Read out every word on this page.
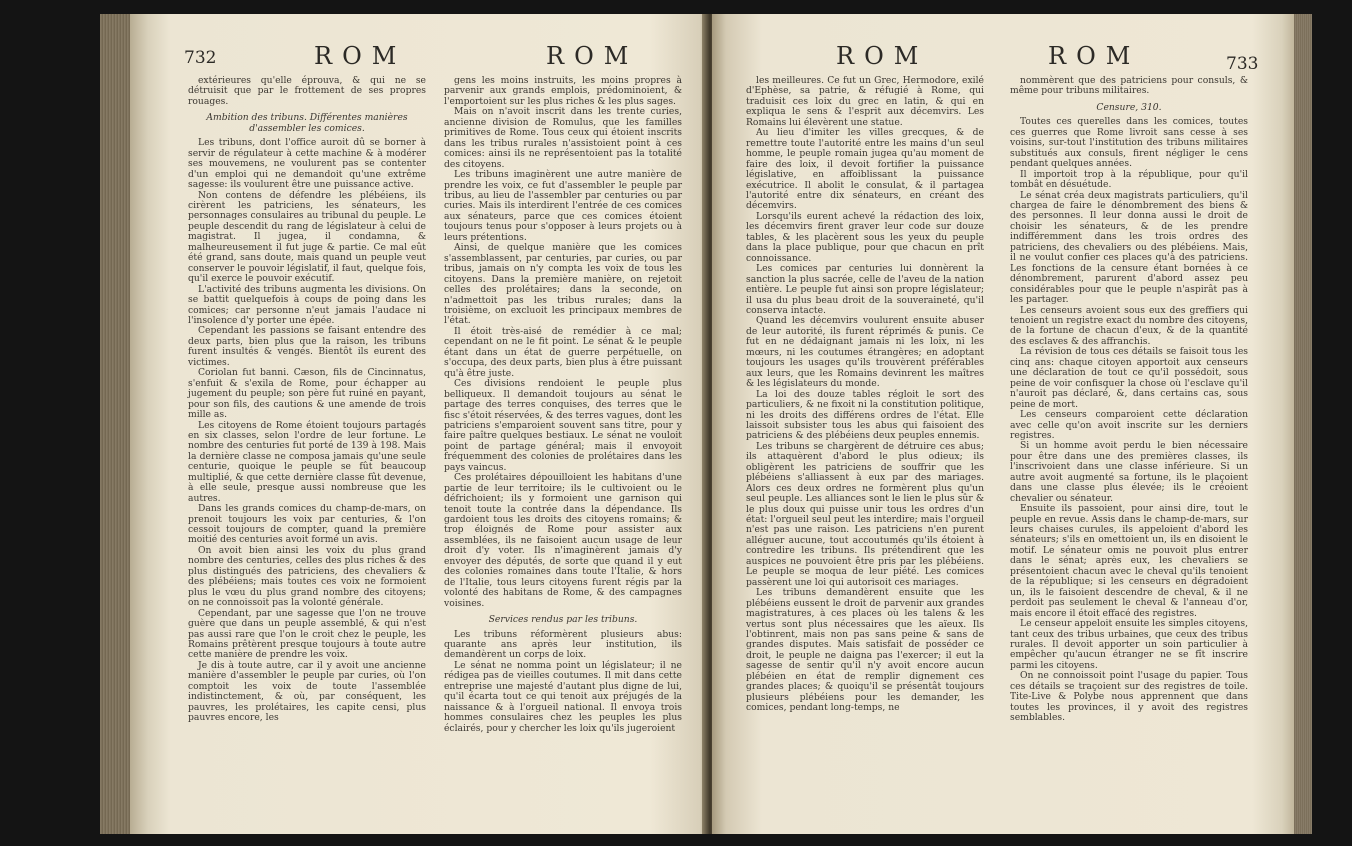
732	ROM	ROM

extérieures qu'elle éprouva, & qui ne se détruisit que par le frottement de ses propres rouages.

Ambition des tribuns. Différentes manières d'assembler les comices.

Les tribuns, dont l'office auroit dû se borner à servir de régulateur à cette machine & à modérer ses mouvemens, ne voulurent pas se contenter d'un emploi qui ne demandoit qu'une extrême sagesse: ils voulurent être une puissance active.

Non contens de défendre les plébéiens, ils cirèrent les patriciens, les sénateurs, les personnages consulaires au tribunal du peuple. Le peuple descendit du rang de législateur à celui de magistrat. Il jugea, il condamna, & malheureusement il fut juge & partie. Ce mal eût été grand, sans doute, mais quand un peuple veut conserver le pouvoir législatif, il faut, quelque fois, qu'il exerce le pouvoir exécutif.

L'activité des tribuns augmenta les divisions. On se battit quelquefois à coups de poing dans les comices; car personne n'eut jamais l'audace ni l'insolence d'y porter une épée.

Cependant les passions se faisant entendre des deux parts, bien plus que la raison, les tribuns furent insultés & vengés. Bientôt ils eurent des victimes.

Coriolan fut banni. Cæson, fils de Cincinnatus, s'enfuit & s'exila de Rome, pour échapper au jugement du peuple; son père fut ruiné en payant, pour son fils, des cautions & une amende de trois mille as.

Les citoyens de Rome étoient toujours partagés en six classes, selon l'ordre de leur fortune. Le nombre des centuries fut porté de 139 à 198. Mais la dernière classe ne composa jamais qu'une seule centurie, quoique le peuple se fût beaucoup multiplié, & que cette dernière classe fût devenue, à elle seule, presque aussi nombreuse que les autres.

Dans les grands comices du champ-de-mars, on prenoit toujours les voix par centuries, & l'on cessoit toujours de compter, quand la première moitié des centuries avoit formé un avis.

On avoit bien ainsi les voix du plus grand nombre des centuries, celles des plus riches & des plus distingués des patriciens, des chevaliers & des plébéiens; mais toutes ces voix ne formoient plus le vœu du plus grand nombre des citoyens; on ne connoissoit pas la volonté générale.

Cependant, par une sagesse que l'on ne trouve guère que dans un peuple assemblé, & qui n'est pas aussi rare que l'on le croit chez le peuple, les Romains prêtèrent presque toujours à toute autre cette manière de prendre les voix.

Je dis à toute autre, car il y avoit une ancienne manière d'assembler le peuple par curies, où l'on comptoit les voix de toute l'assemblée indistinctement, & où, par conséquent, les pauvres, les prolétaires, les capite censi, plus pauvres encore, les

gens les moins instruits, les moins propres à parvenir aux grands emplois, prédominoient, & l'emportoient sur les plus riches & les plus sages.

Mais on n'avoit inscrit dans les trente curies, ancienne division de Romulus, que les familles primitives de Rome. Tous ceux qui étoient inscrits dans les tribus rurales n'assistoient point à ces comices: ainsi ils ne représentoient pas la totalité des citoyens.

Les tribuns imaginèrent une autre manière de prendre les voix, ce fut d'assembler le peuple par tribus, au lieu de l'assembler par centuries ou par curies. Mais ils interdirent l'entrée de ces comices aux sénateurs, parce que ces comices étoient toujours tenus pour s'opposer à leurs projets ou à leurs prétentions.

Ainsi, de quelque manière que les comices s'assemblassent, par centuries, par curies, ou par tribus, jamais on n'y compta les voix de tous les citoyens. Dans la première manière, on rejetoit celles des prolétaires; dans la seconde, on n'admettoit pas les tribus rurales; dans la troisième, on excluoit les principaux membres de l'état.

Il étoit très-aisé de remédier à ce mal; cependant on ne le fit point. Le sénat & le peuple étant dans un état de guerre perpétuelle, on s'occupa, des deux parts, bien plus à être puissant qu'à être juste.

Ces divisions rendoient le peuple plus belliqueux. Il demandoit toujours au sénat le partage des terres conquises, des terres que le fisc s'étoit réservées, & des terres vagues, dont les patriciens s'emparoient souvent sans titre, pour y faire paître quelques bestiaux. Le sénat ne vouloit point de partage général; mais il envoyoit fréquemment des colonies de prolétaires dans les pays vaincus.

Ces prolétaires dépouilloient les habitans d'une partie de leur territoire; ils le cultivoient ou le défrichoient; ils y formoient une garnison qui tenoit toute la contrée dans la dépendance. Ils gardoient tous les droits des citoyens romains; & trop éloignés de Rome pour assister aux assemblées, ils ne faisoient aucun usage de leur droit d'y voter. Ils n'imaginèrent jamais d'y envoyer des députés, de sorte que quand il y eut des colonies romaines dans toute l'Italie, & hors de l'Italie, tous leurs citoyens furent régis par la volonté des habitans de Rome, & des campagnes voisines.

Services rendus par les tribuns.

Les tribuns réformèrent plusieurs abus: quarante ans après leur institution, ils demandèrent un corps de loix.

Le sénat ne nomma point un législateur; il ne rédigea pas de vieilles coutumes. Il mit dans cette entreprise une majesté d'autant plus digne de lui, qu'il écarta tout ce qui tenoit aux préjugés de la naissance & à l'orgueil national. Il envoya trois hommes consulaires chez les peuples les plus éclairés, pour y chercher les loix qu'ils jugeroient

ROM	ROM	733

les meilleures. Ce fut un Grec, Hermodore, exilé d'Ephèse, sa patrie, & réfugié à Rome, qui traduisit ces loix du grec en latin, & qui en expliqua le sens & l'esprit aux décemvirs. Les Romains lui élevèrent une statue.

Au lieu d'imiter les villes grecques, & de remettre toute l'autorité entre les mains d'un seul homme, le peuple romain jugea qu'au moment de faire des loix, il devoit fortifier la puissance législative, en affoiblissant la puissance exécutrice. Il abolit le consulat, & il partagea l'autorité entre dix sénateurs, en créant des décemvirs.

Lorsqu'ils eurent achevé la rédaction des loix, les décemvirs firent graver leur code sur douze tables, & les placèrent sous les yeux du peuple dans la place publique, pour que chacun en prît connoissance.

Les comices par centuries lui donnèrent la sanction la plus sacrée, celle de l'aveu de la nation entière. Le peuple fut ainsi son propre législateur; il usa du plus beau droit de la souveraineté, qu'il conserva intacte.

Quand les décemvirs voulurent ensuite abuser de leur autorité, ils furent réprimés & punis. Ce fut en ne dédaignant jamais ni les loix, ni les mœurs, ni les coutumes étrangères; en adoptant toujours les usages qu'ils trouvèrent préférables aux leurs, que les Romains devinrent les maîtres & les législateurs du monde.

La loi des douze tables régloit le sort des particuliers, & ne fixoit ni la constitution politique, ni les droits des différens ordres de l'état. Elle laissoit subsister tous les abus qui faisoient des patriciens & des plébéiens deux peuples ennemis.

Les tribuns se chargèrent de détruire ces abus; ils attaquèrent d'abord le plus odieux; ils obligèrent les patriciens de souffrir que les plébéiens s'alliassent à eux par des mariages. Alors ces deux ordres ne formèrent plus qu'un seul peuple. Les alliances sont le lien le plus sûr & le plus doux qui puisse unir tous les ordres d'un état: l'orgueil seul peut les interdire; mais l'orgueil n'est pas une raison. Les patriciens n'en purent alléguer aucune, tout accoutumés qu'ils étoient à contredire les tribuns. Ils prétendirent que les auspices ne pouvoient être pris par les plébéiens. Le peuple se moqua de leur piété. Les comices passèrent une loi qui autorisoit ces mariages.

Les tribuns demandèrent ensuite que les plébéiens eussent le droit de parvenir aux grandes magistratures, à ces places où les talens & les vertus sont plus nécessaires que les aïeux. Ils l'obtinrent, mais non pas sans peine & sans de grandes disputes. Mais satisfait de posséder ce droit, le peuple ne daigna pas l'exercer; il eut la sagesse de sentir qu'il n'y avoit encore aucun plébéien en état de remplir dignement ces grandes places; & quoiqu'il se présentât toujours plusieurs plébéiens pour les demander, les comices, pendant long-temps, ne

nommèrent que des patriciens pour consuls, & même pour tribuns militaires.

Censure, 310.

Toutes ces querelles dans les comices, toutes ces guerres que Rome livroit sans cesse à ses voisins, sur-tout l'institution des tribuns militaires substitués aux consuls, firent négliger le cens pendant quelques années.

Il importoit trop à la république, pour qu'il tombât en désuétude.

Le sénat créa deux magistrats particuliers, qu'il chargea de faire le dénombrement des biens & des personnes. Il leur donna aussi le droit de choisir les sénateurs, & de les prendre indifféremment dans les trois ordres des patriciens, des chevaliers ou des plébéiens. Mais, il ne voulut confier ces places qu'à des patriciens. Les fonctions de la censure étant bornées à ce dénombrement, parurent d'abord assez peu considérables pour que le peuple n'aspirât pas à les partager.

Les censeurs avoient sous eux des greffiers qui tenoient un registre exact du nombre des citoyens, de la fortune de chacun d'eux, & de la quantité des esclaves & des affranchis.

La révision de tous ces détails se faisoit tous les cinq ans: chaque citoyen apportoit aux censeurs une déclaration de tout ce qu'il possédoit, sous peine de voir confisquer la chose où l'esclave qu'il n'auroit pas déclaré, &, dans certains cas, sous peine de mort.

Les censeurs comparoient cette déclaration avec celle qu'on avoit inscrite sur les derniers registres.

Si un homme avoit perdu le bien nécessaire pour être dans une des premières classes, ils l'inscrivoient dans une classe inférieure. Si un autre avoit augmenté sa fortune, ils le plaçoient dans une classe plus élevée; ils le créoient chevalier ou sénateur.

Ensuite ils passoient, pour ainsi dire, tout le peuple en revue. Assis dans le champ-de-mars, sur leurs chaises curules, ils appeloient d'abord les sénateurs; s'ils en omettoient un, ils en disoient le motif. Le sénateur omis ne pouvoit plus entrer dans le sénat; après eux, les chevaliers se présentoient chacun avec le cheval qu'ils tenoient de la république; si les censeurs en dégradoient un, ils le faisoient descendre de cheval, & il ne perdoit pas seulement le cheval & l'anneau d'or, mais encore il étoit effacé des registres.

Le censeur appeloit ensuite les simples citoyens, tant ceux des tribus urbaines, que ceux des tribus rurales. Il devoit apporter un soin particulier à empêcher qu'aucun étranger ne se fît inscrire parmi les citoyens.

On ne connoissoit point l'usage du papier. Tous ces détails se traçoient sur des registres de toile. Tite-Live & Polybe nous apprennent que dans toutes les provinces, il y avoit des registres semblables.
